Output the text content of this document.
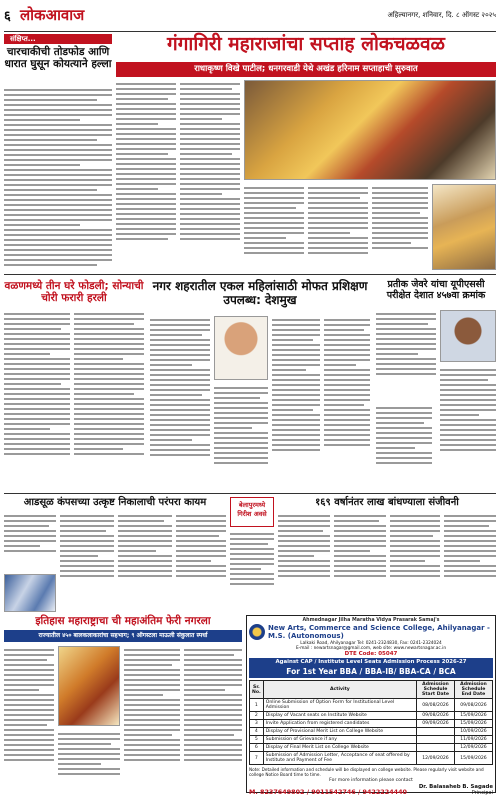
६ लोकआवाज	अहिल्यानगर, शनिवार, दि. ८ ऑगस्ट २०२५
संक्षिप्त...
चारचाकीची तोडफोड आणि धारात घुसून कोयत्याने हल्ला
गंगागिरी महाराजांचा सप्ताह लोकचळवळ
राधाकृष्ण विखे पाटील; धनगरवाडी येथे अखंड हरिनाम सप्ताहाची सुरुवात
वळणमध्ये तीन घरे फोडली; सोन्याची चोरी फरारी हरली
नगर शहरातील एकल महिलांसाठी मोफत प्रशिक्षण उपलब्ध: देशमुख
प्रतीक जेवरे यांचा यूपीएससी परीक्षेत देशात ४५७वा क्रमांक
आडसूळ कंपसच्या उत्कृष्ट निकालाची परंपरा कायम	बेलापुरमध्ये गिरीश अवसे
१६९ वर्षानंतर लाख बांधण्याला संजीवनी
इतिहास महाराष्ट्राचा ची महाअंतिम फेरी नगरला
राज्यातील ४५० बालकलाकारांचा सहभाग; ९ ऑगस्टला माऊली संकुलात स्पर्धा
Ahmednagar Jilha Maratha Vidya Prasarak Samaj's
New Arts, Commerce and Science College, Ahilyanagar - M.S. (Autonomous)
Lalkaki Road, Ahilyanagar Tel: 0241-2324830, Fax: 0241-2324024
E-mail : newartsnagar@gmail.com, web site: www.newartsnagar.ac.in
DTE Code: 05047
Against CAP / Institute Level Seats Admission Process 2026-27
For 1st Year BBA / BBA-IB/ BBA-CA / BCA
Sr. No.	Activity	Admission Schedule Start Date	Admission Schedule End Date
1	Online Submission of Option Form for Institutional Level Admission	08/08/2026	09/08/2026
2	Display of Vacant seats on Institute Website	09/08/2026	15/09/2026
3	Invite Application from registered candidates	09/09/2026	15/09/2026
4	Display of Provisional Merit List on College Website		10/09/2026
5	Submission of Grievance if any		11/09/2026
6	Display of Final Merit List on College Website		12/09/2026
7	Submission of Admission Letter, Acceptance of seat offered by Institute and Payment of Fee	12/09/2026	15/09/2026
Note: Detailed information and schedule will be displayed on college website. Please regularly visit website and college Notice Board time to time.
For more information please contact
M. 8237649802 / 9011542746 / 9422224440
Dr. Balasaheb B. Sagade
Principal
